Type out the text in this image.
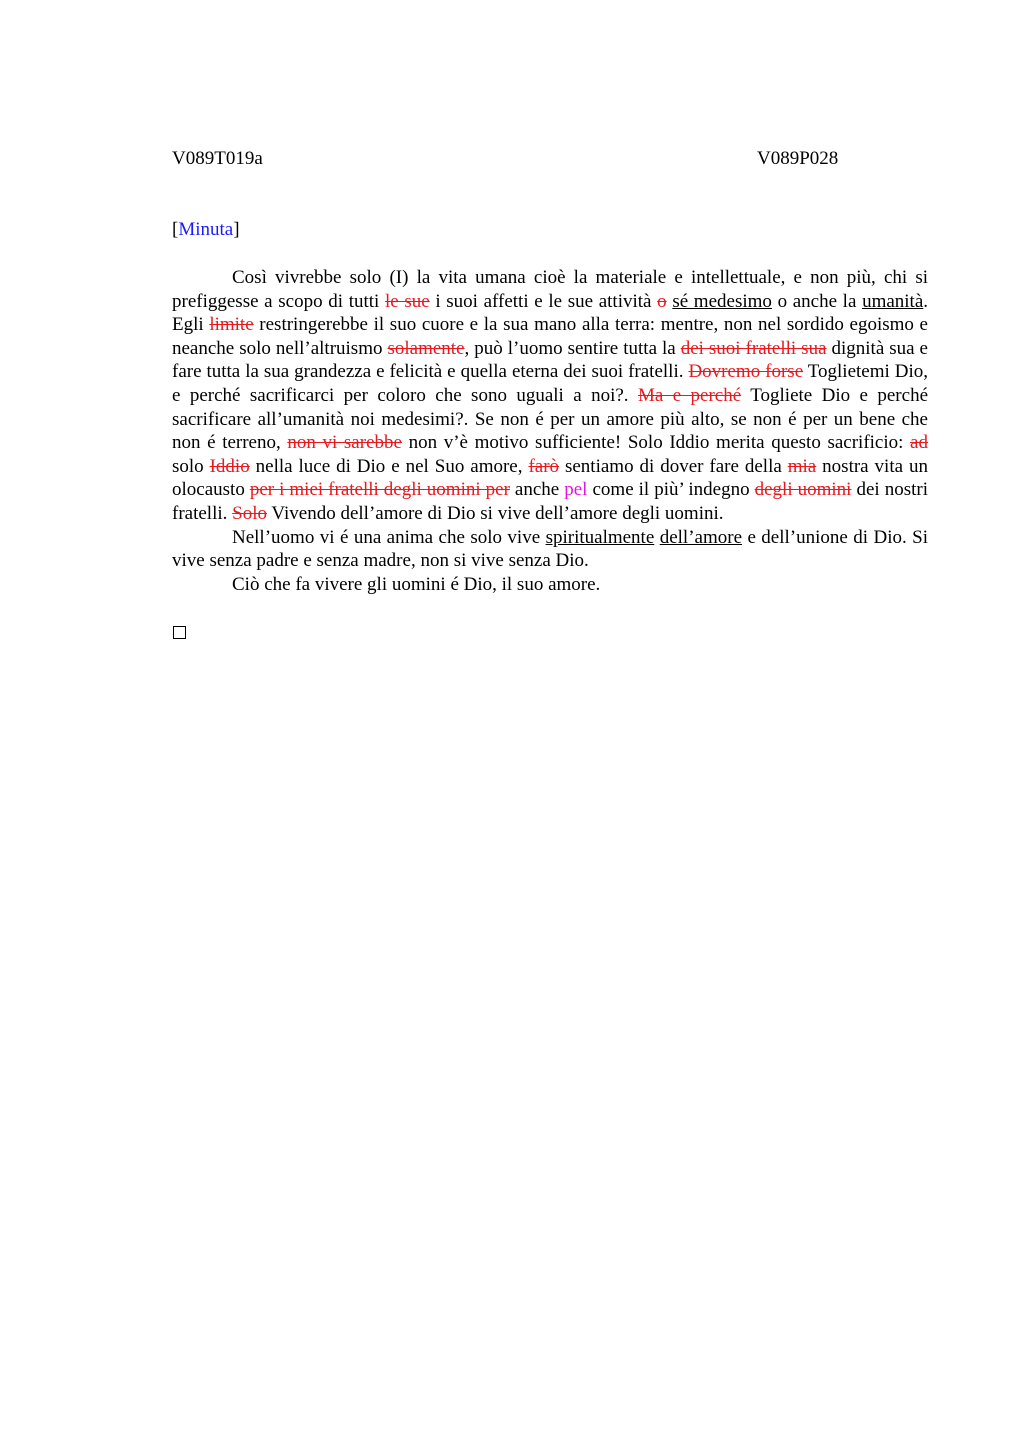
V089T019a	V089P028
[Minuta]

Così vivrebbe solo (I) la vita umana cioè la materiale e intellettuale, e non più, chi si prefiggesse a scopo di tutti le sue i suoi affetti e le sue attività o sé medesimo o anche la umanità. Egli limite restringerebbe il suo cuore e la sua mano alla terra: mentre, non nel sordido egoismo e neanche solo nell’altruismo solamente, può l’uomo sentire tutta la dei suoi fratelli sua dignità sua e fare tutta la sua grandezza e felicità e quella eterna dei suoi fratelli. Dovremo forse Toglietemi Dio, e perché sacrificarci per coloro che sono uguali a noi?. Ma e perché Togliete Dio e perché sacrificare all’umanità noi medesimi?. Se non é per un amore più alto, se non é per un bene che non é terreno, non vi sarebbe non v’è motivo sufficiente! Solo Iddio merita questo sacrificio: ad solo Iddio nella luce di Dio e nel Suo amore, farò sentiamo di dover fare della mia nostra vita un olocausto per i miei fratelli degli uomini per anche pel come il più’ indegno degli uomini dei nostri fratelli. Solo Vivendo dell’amore di Dio si vive dell’amore degli uomini.

Nell’uomo vi é una anima che solo vive spiritualmente dell’amore e dell’unione di Dio. Si vive senza padre e senza madre, non si vive senza Dio.

Ciò che fa vivere gli uomini é Dio, il suo amore.
